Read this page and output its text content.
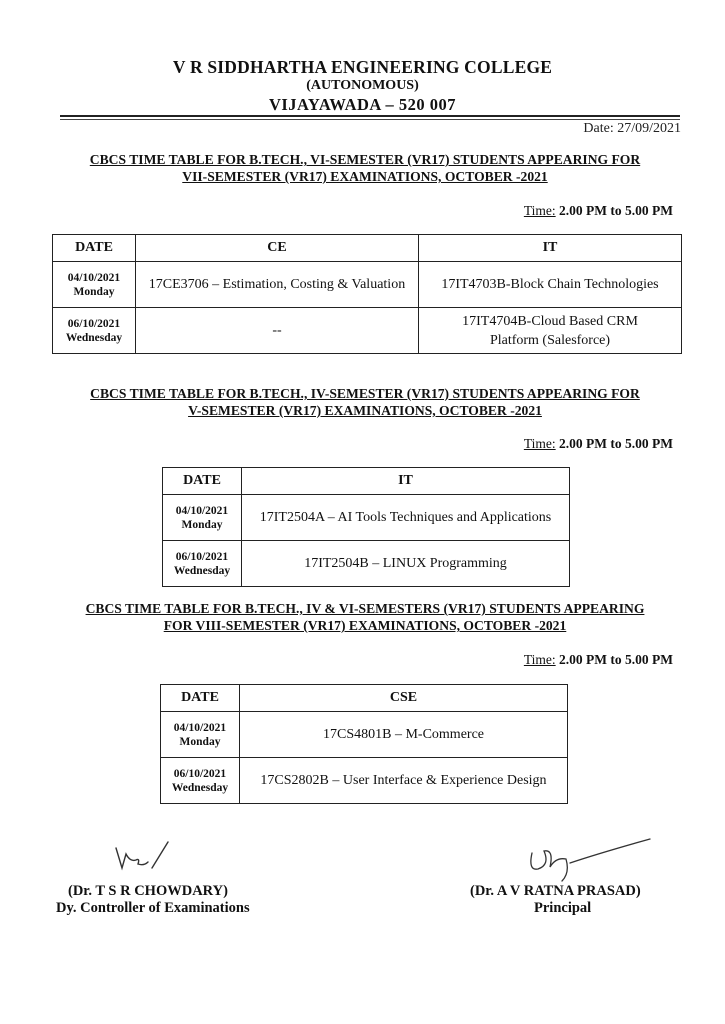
V R SIDDHARTHA ENGINEERING COLLEGE
(AUTONOMOUS)
VIJAYAWADA – 520 007
Date: 27/09/2021
CBCS TIME TABLE FOR B.TECH., VI-SEMESTER (VR17) STUDENTS APPEARING FOR
VII-SEMESTER (VR17) EXAMINATIONS, OCTOBER -2021
Time: 2.00 PM to 5.00 PM
DATE	CE	IT

04/10/2021
Monday	17CE3706 – Estimation, Costing & Valuation	17IT4703B-Block Chain Technologies

06/10/2021
Wednesday	--	17IT4704B-Cloud Based CRM Platform (Salesforce)
CBCS TIME TABLE FOR B.TECH., IV-SEMESTER (VR17) STUDENTS APPEARING FOR
V-SEMESTER (VR17) EXAMINATIONS, OCTOBER -2021
Time: 2.00 PM to 5.00 PM
DATE	IT

04/10/2021
Monday	17IT2504A – AI Tools Techniques and Applications

06/10/2021
Wednesday	17IT2504B – LINUX Programming
CBCS TIME TABLE FOR B.TECH., IV & VI-SEMESTERS (VR17) STUDENTS APPEARING
FOR VIII-SEMESTER (VR17) EXAMINATIONS, OCTOBER -2021
Time: 2.00 PM to 5.00 PM
DATE	CSE

04/10/2021
Monday	17CS4801B – M-Commerce

06/10/2021
Wednesday	17CS2802B – User Interface & Experience Design
(Dr. T S R CHOWDARY)
Dy. Controller of Examinations
(Dr. A V RATNA PRASAD)
Principal
